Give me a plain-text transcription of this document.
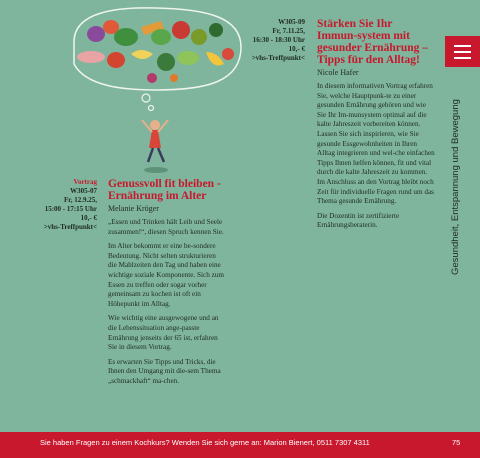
W305-09
Fr, 7.11.25,
16:30 - 18:30 Uhr
10,- €
>vhs-Treffpunkt<
Stärken Sie Ihr Immun-system mit gesunder Ernährung – Tipps für den Alltag!
Nicole Hafer

In diesem informativen Vortrag erfahren Sie, welche Hauptpunk-te zu einer gesunden Ernährung gehören und wie Sie Ihr Im-munsystem optimal auf die kalte Jahreszeit vorbereiten können. Lassen Sie sich inspirieren, wie Sie gesunde Essgewohnheiten in Ihren Alltag integrieren und wel-che einfachen Tipps Ihnen helfen können, fit und vital durch die kalte Jahreszeit zu kommen. Im Anschluss an den Vortrag bleibt noch Zeit für individuelle Fragen rund um das Thema gesunde Ernährung.

Die Dozentin ist zertifizierte Ernährungsberaterin.

Vortrag
W305-07
Fr, 12.9.25,
15:00 - 17:15 Uhr
10,- €
>vhs-Treffpunkt<
Genussvoll fit bleiben - Ernährung im Alter
Melanie Kröger

„Essen und Trinken hält Leib und Seele zusammen!“, diesen Spruch kennen Sie.

Im Alter bekommt er eine be-sondere Bedeutung. Nicht selten strukturieren die Mahlzeiten den Tag und haben eine wichtige soziale Komponente. Sich zum Essen zu treffen oder sogar vorher gemeinsam zu kochen ist oft ein Höhepunkt im Alltag.

Wie wichtig eine ausgewogene und an die Lebenssituation ange-passte Ernährung jenseits der 65 ist, erfahren Sie in diesem Vortrag.

Es erwarten Sie Tipps und Tricks, die Ihnen den Umgang mit die-sem Thema „schmackhaft“ ma-chen.

Gesundheit, Entspannung und Bewegung
Sie haben Fragen zu einem Kochkurs? Wenden Sie sich gerne an: Marion Bienert, 0511 7307 4311	75
